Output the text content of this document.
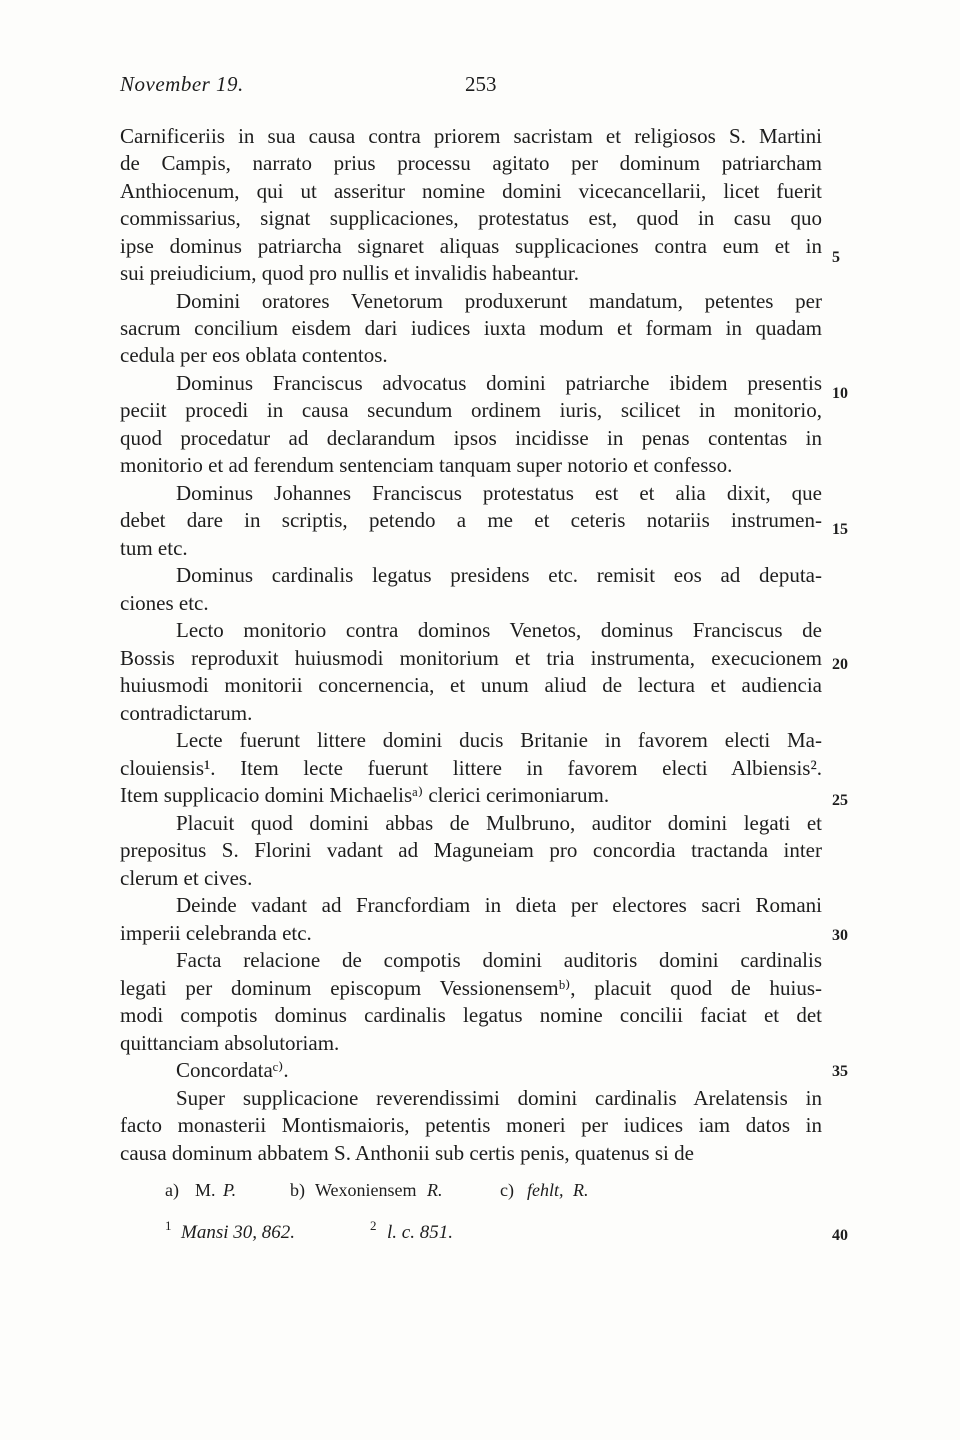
November 19.	253
Carnificeriis in sua causa contra priorem sacristam et religiosos S. Martini
de Campis, narrato prius processu agitato per dominum patriarcham
Anthiocenum, qui ut asseritur nomine domini vicecancellarii, licet fuerit
commissarius, signat supplicaciones, protestatus est, quod in casu quo
ipse dominus patriarcha signaret aliquas supplicaciones contra eum et in
sui preiudicium, quod pro nullis et invalidis habeantur.
Domini oratores Venetorum produxerunt mandatum, petentes per
sacrum concilium eisdem dari iudices iuxta modum et formam in quadam
cedula per eos oblata contentos.
Dominus Franciscus advocatus domini patriarche ibidem presentis
peciit procedi in causa secundum ordinem iuris, scilicet in monitorio,
quod procedatur ad declarandum ipsos incidisse in penas contentas in
monitorio et ad ferendum sentenciam tanquam super notorio et confesso.
Dominus Johannes Franciscus protestatus est et alia dixit, que
debet dare in scriptis, petendo a me et ceteris notariis instrumen-
tum etc.
Dominus cardinalis legatus presidens etc. remisit eos ad deputa-
ciones etc.
Lecto monitorio contra dominos Venetos, dominus Franciscus de
Bossis reproduxit huiusmodi monitorium et tria instrumenta, execucionem
huiusmodi monitorii concernencia, et unum aliud de lectura et audiencia
contradictarum.
Lecte fuerunt littere domini ducis Britanie in favorem electi Ma-
clouiensis¹. Item lecte fuerunt littere in favorem electi Albiensis².
Item supplicacio domini Michaelisᵃ⁾ clerici cerimoniarum.
Placuit quod domini abbas de Mulbruno, auditor domini legati et
prepositus S. Florini vadant ad Maguneiam pro concordia tractanda inter
clerum et cives.
Deinde vadant ad Francfordiam in dieta per electores sacri Romani
imperii celebranda etc.
Facta relacione de compotis domini auditoris domini cardinalis
legati per dominum episcopum Vessionensemᵇ⁾, placuit quod de huius-
modi compotis dominus cardinalis legatus nomine concilii faciat et det
quittanciam absolutoriam.
Concordataᶜ⁾.
Super supplicacione reverendissimi domini cardinalis Arelatensis in
facto monasterii Montismaioris, petentis moneri per iudices iam datos in
causa dominum abbatem S. Anthonii sub certis penis, quatenus si de
5
10
15
20
25
30
35
40
a) M. P.	b) Wexoniensem R.	c) fehlt, R.
1 Mansi 30, 862.	2 l. c. 851.
